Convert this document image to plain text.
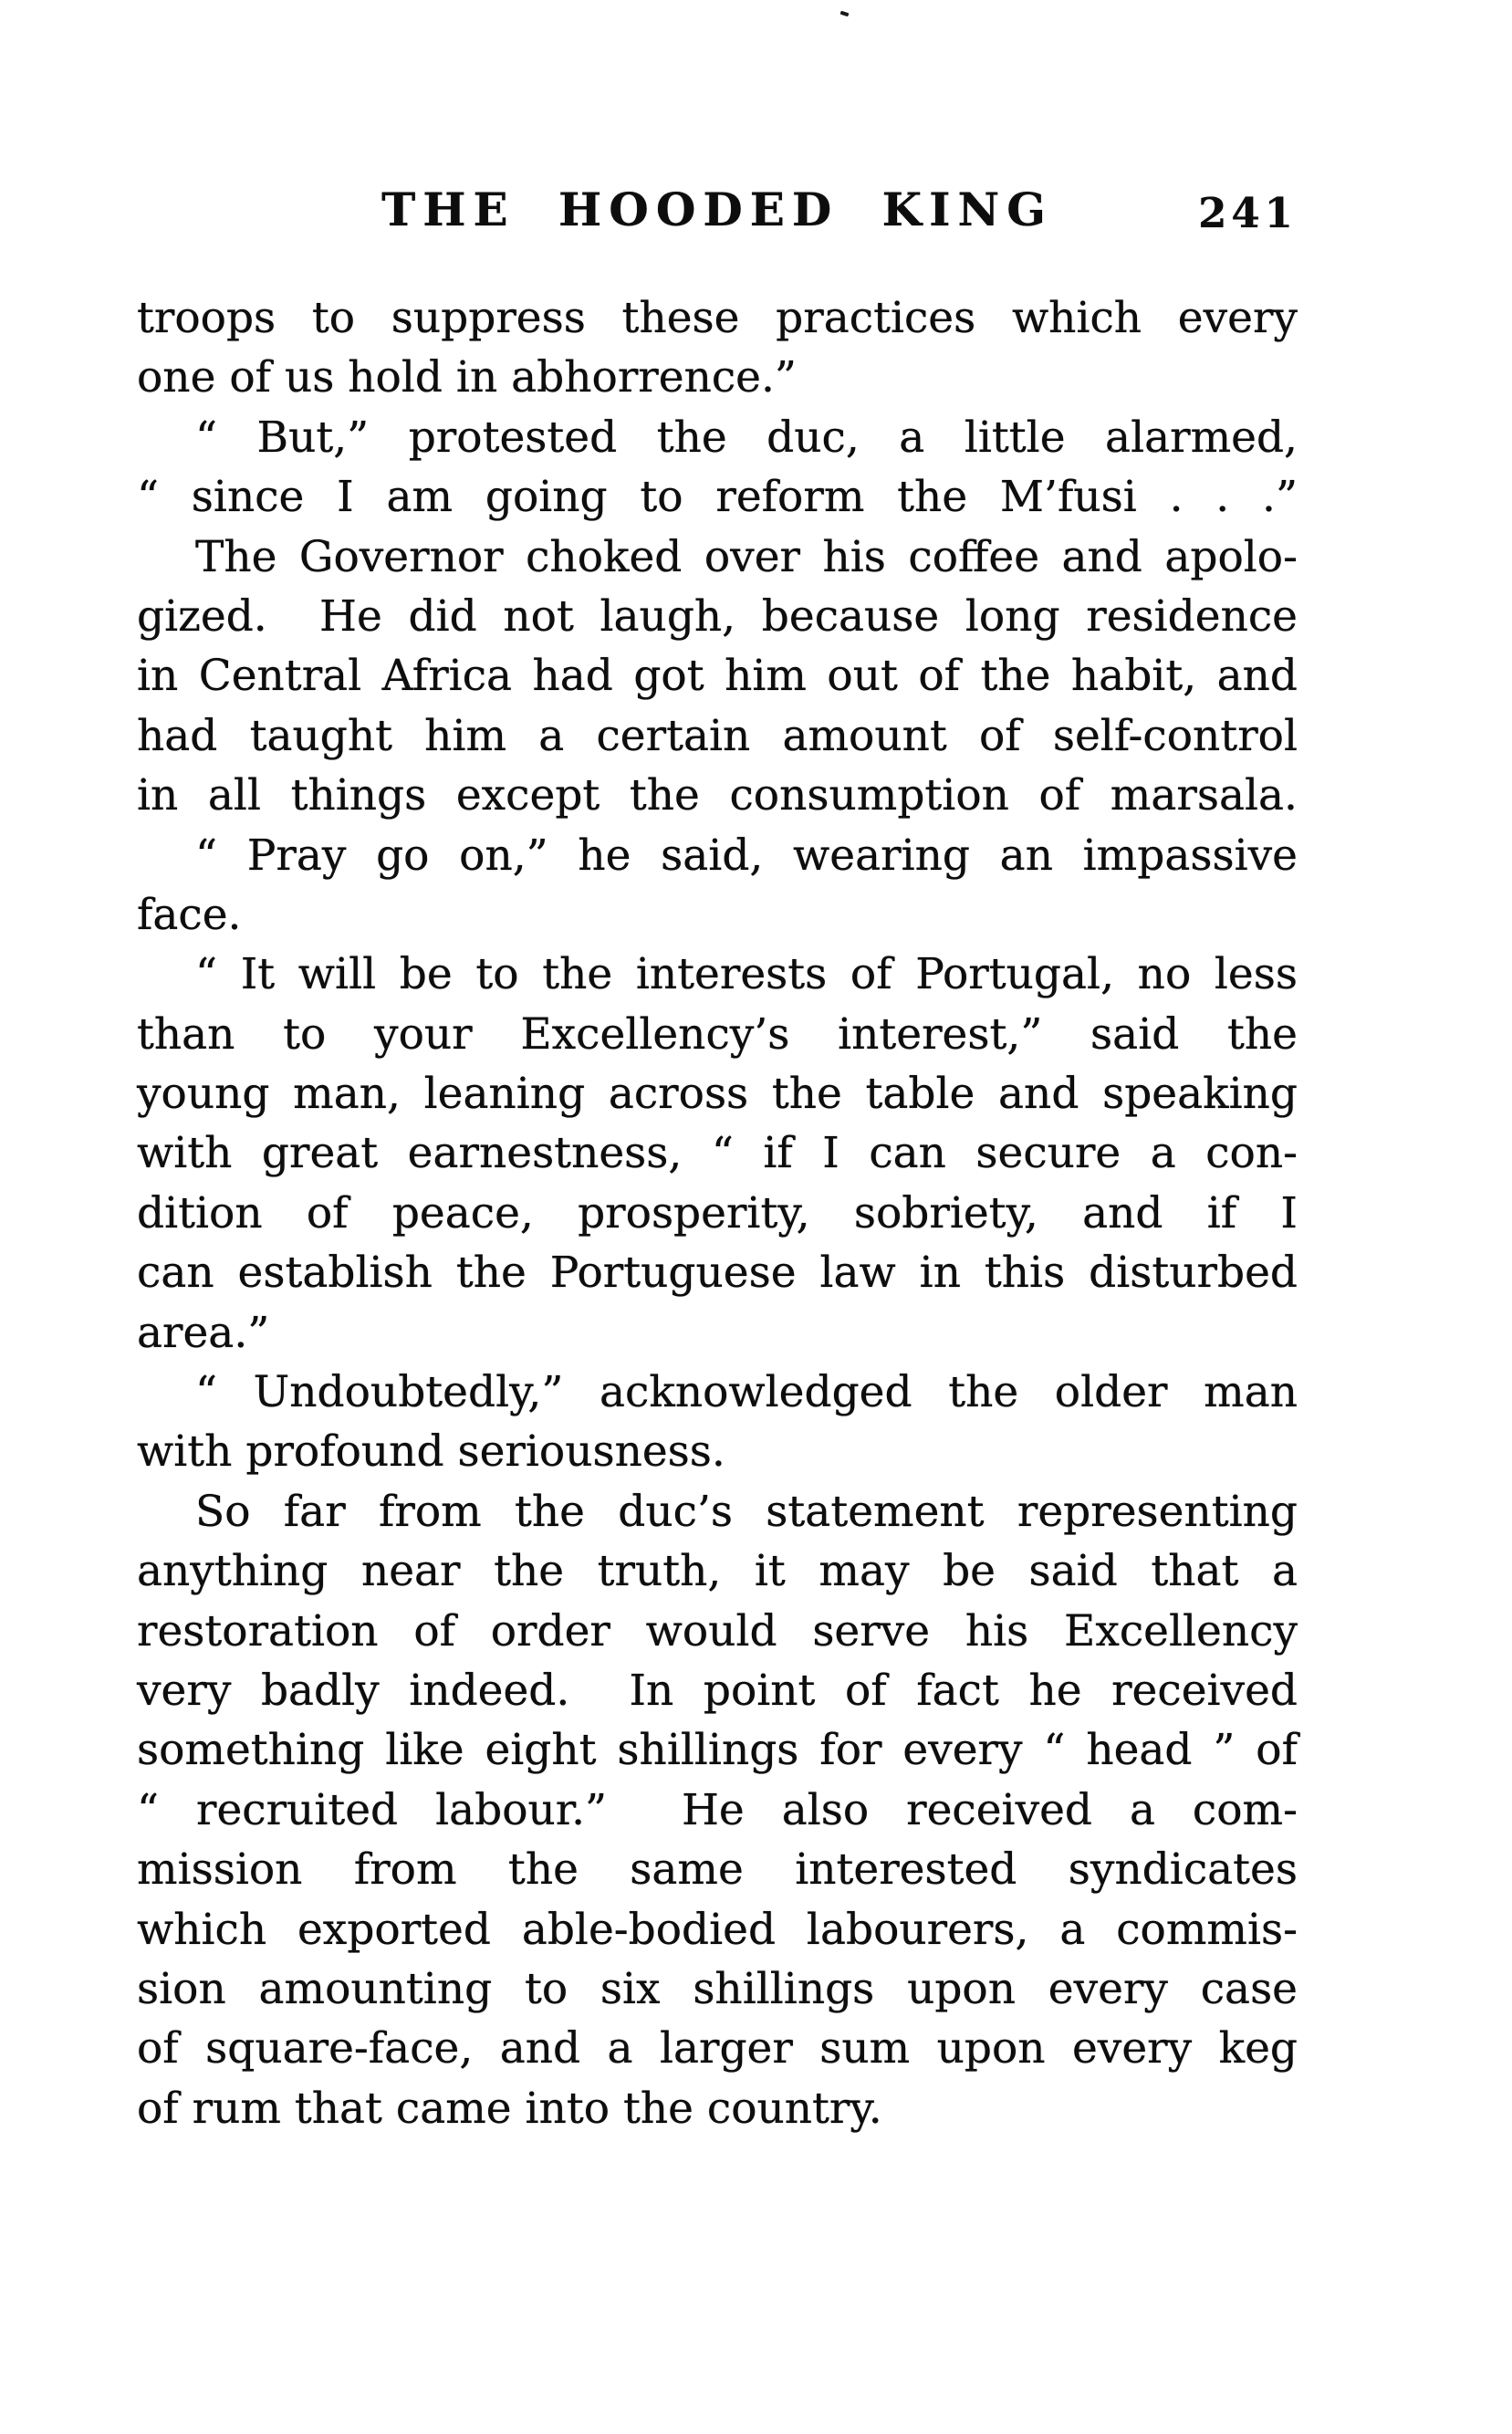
THE HOODED KING	241
troops to suppress these practices which every
one of us hold in abhorrence.”
“ But,” protested the duc, a little alarmed,
“ since I am going to reform the M’fusi . . .”
The Governor choked over his coffee and apolo-
gized.  He did not laugh, because long residence
in Central Africa had got him out of the habit, and
had taught him a certain amount of self-control
in all things except the consumption of marsala.
“ Pray go on,” he said, wearing an impassive
face.
“ It will be to the interests of Portugal, no less
than to your Excellency’s interest,” said the
young man, leaning across the table and speaking
with great earnestness, “ if I can secure a con-
dition of peace, prosperity, sobriety, and if I
can establish the Portuguese law in this disturbed
area.”
“ Undoubtedly,” acknowledged the older man
with profound seriousness.
So far from the duc’s statement representing
anything near the truth, it may be said that a
restoration of order would serve his Excellency
very badly indeed.  In point of fact he received
something like eight shillings for every “ head ” of
“ recruited labour.”  He also received a com-
mission from the same interested syndicates
which exported able-bodied labourers, a commis-
sion amounting to six shillings upon every case
of square-face, and a larger sum upon every keg
of rum that came into the country.
